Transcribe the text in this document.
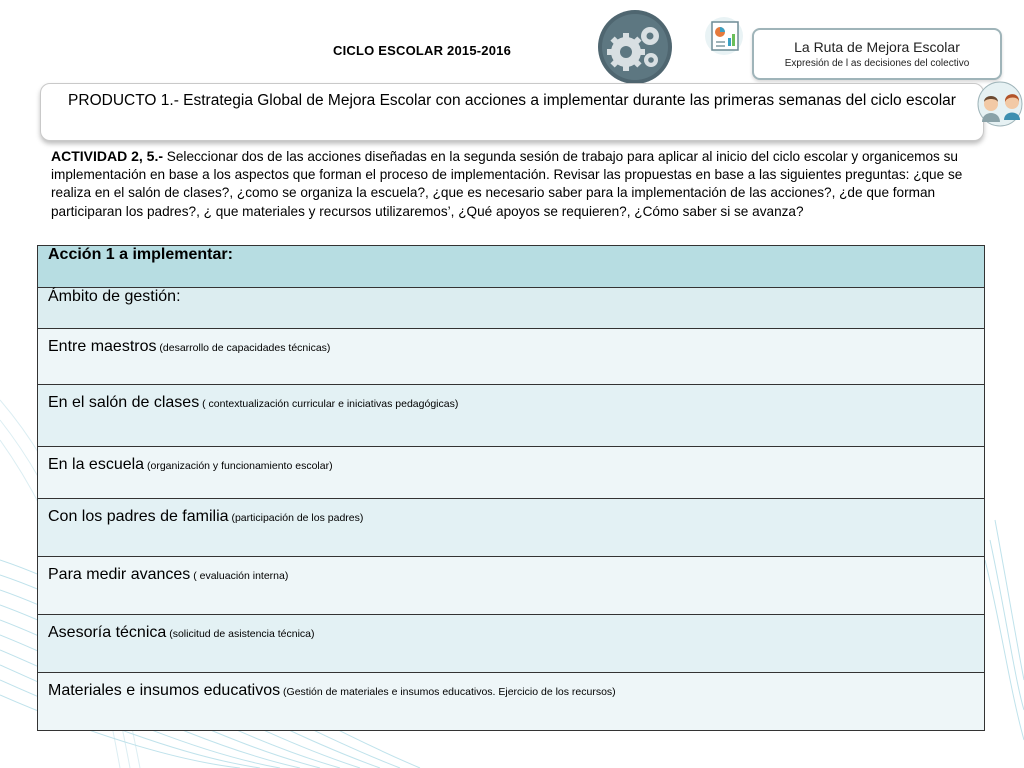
CICLO ESCOLAR 2015-2016	La Ruta de Mejora Escolar
Expresión de l as decisiones del colectivo
PRODUCTO 1.- Estrategia Global de Mejora Escolar con acciones a implementar durante las primeras semanas del ciclo escolar
ACTIVIDAD 2, 5.- Seleccionar dos de las acciones diseñadas en la segunda sesión de trabajo para aplicar al inicio del ciclo escolar y organicemos su implementación en base a los aspectos que forman el proceso de implementación. Revisar las propuestas en base a las siguientes preguntas: ¿que se realiza en el salón de clases?, ¿como se organiza la escuela?, ¿que es necesario saber para la implementación de las acciones?, ¿de que forman participaran los padres?, ¿ que materiales y recursos utilizaremos’, ¿Qué apoyos se requieren?, ¿Cómo saber si se avanza?
Acción 1 a implementar:
Ámbito de gestión:

Entre maestros (desarrollo de capacidades técnicas)

En el salón de clases ( contextualización curricular e iniciativas pedagógicas)

En la escuela (organización y funcionamiento escolar)

Con los padres de familia (participación de los padres)

Para medir avances ( evaluación interna)

Asesoría técnica (solicitud de asistencia técnica)

Materiales e insumos educativos (Gestión de materiales e insumos educativos. Ejercicio de los recursos)
